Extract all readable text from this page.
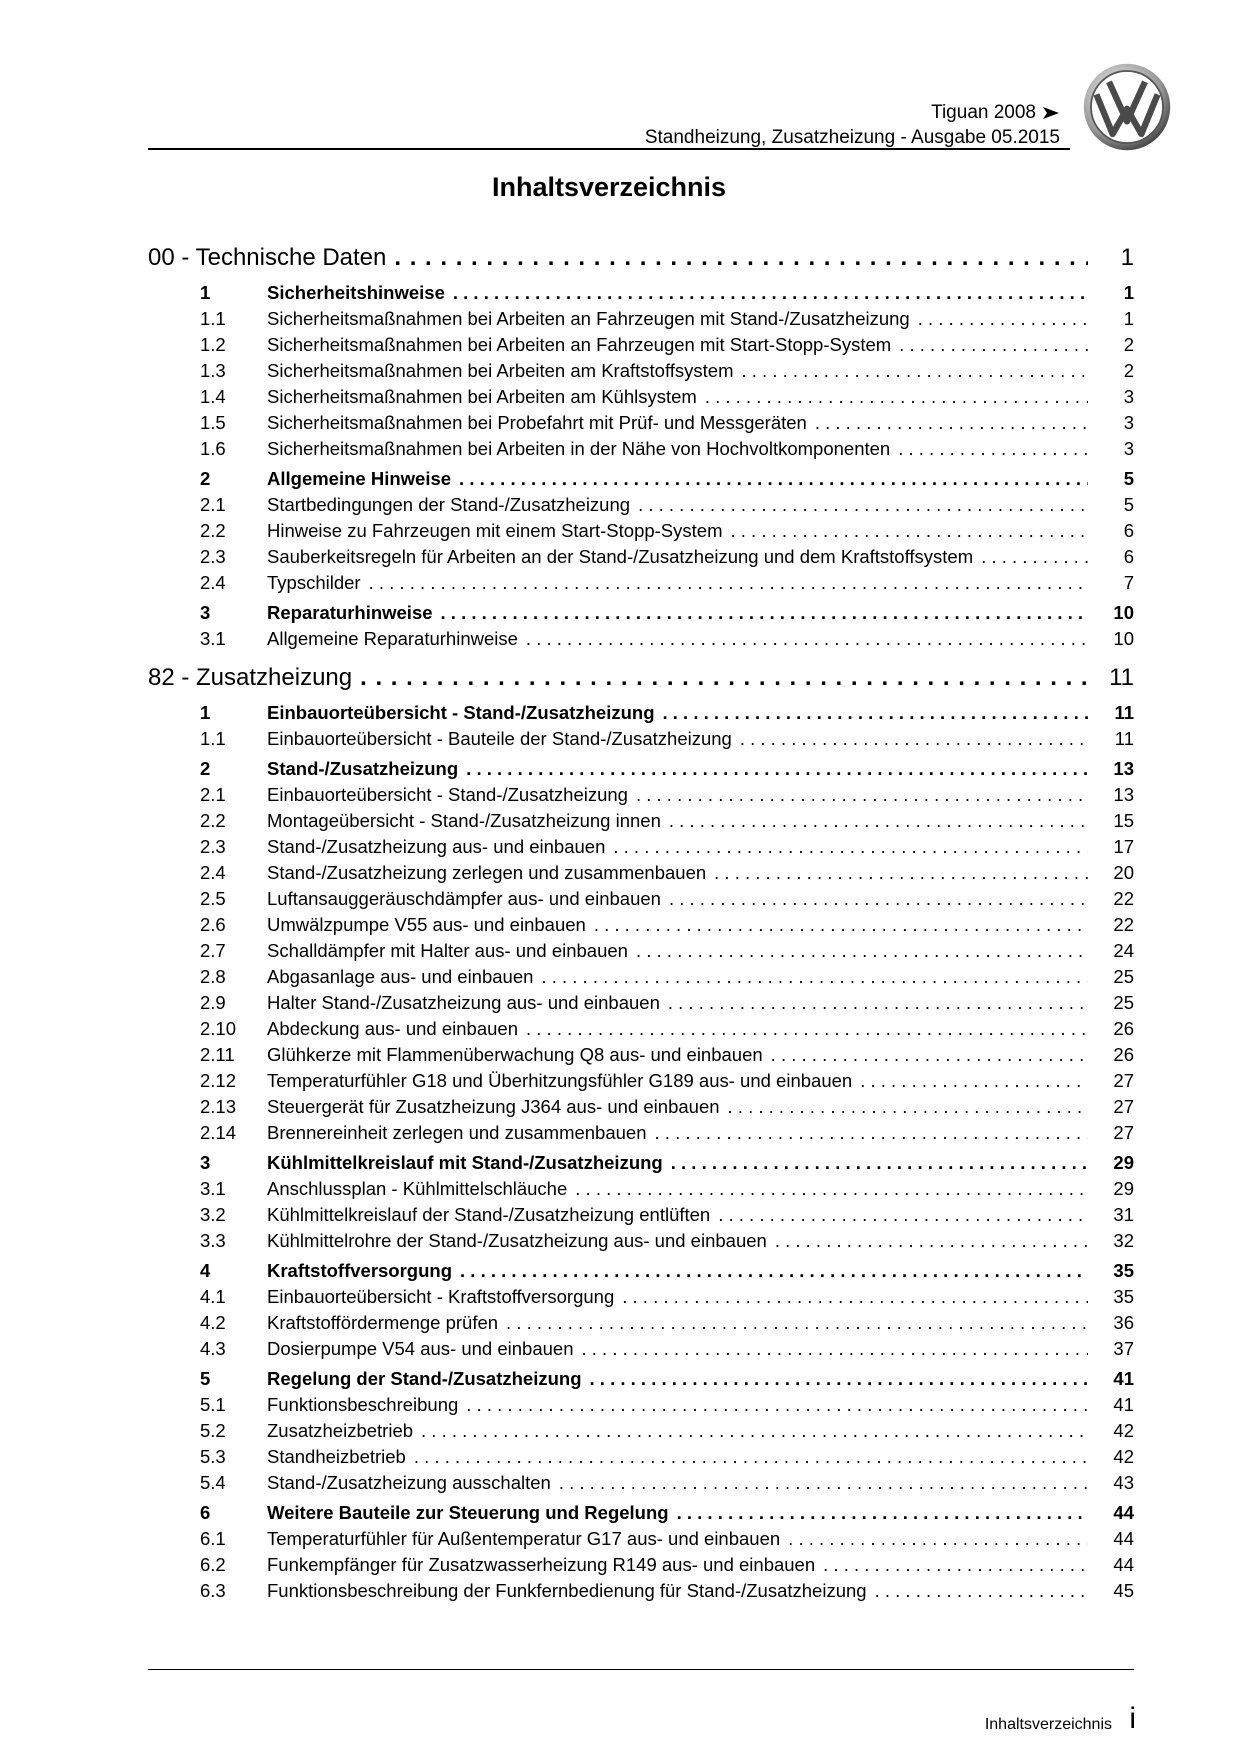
Tiguan 2008
Standheizung, Zusatzheizung - Ausgabe 05.2015
Inhaltsverzeichnis
00 - Technische Daten . . .	1
1	Sicherheitshinweise . . .	1
1.1	Sicherheitsmaßnahmen bei Arbeiten an Fahrzeugen mit Stand-/Zusatzheizung . . .	1
1.2	Sicherheitsmaßnahmen bei Arbeiten an Fahrzeugen mit Start-Stopp-System . . .	2
1.3	Sicherheitsmaßnahmen bei Arbeiten am Kraftstoffsystem . . .	2
1.4	Sicherheitsmaßnahmen bei Arbeiten am Kühlsystem . . .	3
1.5	Sicherheitsmaßnahmen bei Probefahrt mit Prüf- und Messgeräten . . .	3
1.6	Sicherheitsmaßnahmen bei Arbeiten in der Nähe von Hochvoltkomponenten . . .	3
2	Allgemeine Hinweise . . .	5
2.1	Startbedingungen der Stand-/Zusatzheizung . . .	5
2.2	Hinweise zu Fahrzeugen mit einem Start-Stopp-System . . .	6
2.3	Sauberkeitsregeln für Arbeiten an der Stand-/Zusatzheizung und dem Kraftstoffsystem . . .	6
2.4	Typschilder . . .	7
3	Reparaturhinweise . . .	10
3.1	Allgemeine Reparaturhinweise . . .	10
82 - Zusatzheizung . . .	11
1	Einbauorteübersicht - Stand-/Zusatzheizung . . .	11
1.1	Einbauorteübersicht - Bauteile der Stand-/Zusatzheizung . . .	11
2	Stand-/Zusatzheizung . . .	13
2.1	Einbauorteübersicht - Stand-/Zusatzheizung . . .	13
2.2	Montageübersicht - Stand-/Zusatzheizung innen . . .	15
2.3	Stand-/Zusatzheizung aus- und einbauen . . .	17
2.4	Stand-/Zusatzheizung zerlegen und zusammenbauen . . .	20
2.5	Luftansauggeräuschdämpfer aus- und einbauen . . .	22
2.6	Umwälzpumpe V55 aus- und einbauen . . .	22
2.7	Schalldämpfer mit Halter aus- und einbauen . . .	24
2.8	Abgasanlage aus- und einbauen . . .	25
2.9	Halter Stand-/Zusatzheizung aus- und einbauen . . .	25
2.10	Abdeckung aus- und einbauen . . .	26
2.11	Glühkerze mit Flammenüberwachung Q8 aus- und einbauen . . .	26
2.12	Temperaturfühler G18 und Überhitzungsfühler G189 aus- und einbauen . . .	27
2.13	Steuergerät für Zusatzheizung J364 aus- und einbauen . . .	27
2.14	Brennereinheit zerlegen und zusammenbauen . . .	27
3	Kühlmittelkreislauf mit Stand-/Zusatzheizung . . .	29
3.1	Anschlussplan - Kühlmittelschläuche . . .	29
3.2	Kühlmittelkreislauf der Stand-/Zusatzheizung entlüften . . .	31
3.3	Kühlmittelrohre der Stand-/Zusatzheizung aus- und einbauen . . .	32
4	Kraftstoffversorgung . . .	35
4.1	Einbauorteübersicht - Kraftstoffversorgung . . .	35
4.2	Kraftstoffördermenge prüfen . . .	36
4.3	Dosierpumpe V54 aus- und einbauen . . .	37
5	Regelung der Stand-/Zusatzheizung . . .	41
5.1	Funktionsbeschreibung . . .	41
5.2	Zusatzheizbetrieb . . .	42
5.3	Standheizbetrieb . . .	42
5.4	Stand-/Zusatzheizung ausschalten . . .	43
6	Weitere Bauteile zur Steuerung und Regelung . . .	44
6.1	Temperaturfühler für Außentemperatur G17 aus- und einbauen . . .	44
6.2	Funkempfänger für Zusatzwasserheizung R149 aus- und einbauen . . .	44
6.3	Funktionsbeschreibung der Funkfernbedienung für Stand-/Zusatzheizung . . .	45
Inhaltsverzeichnis i
